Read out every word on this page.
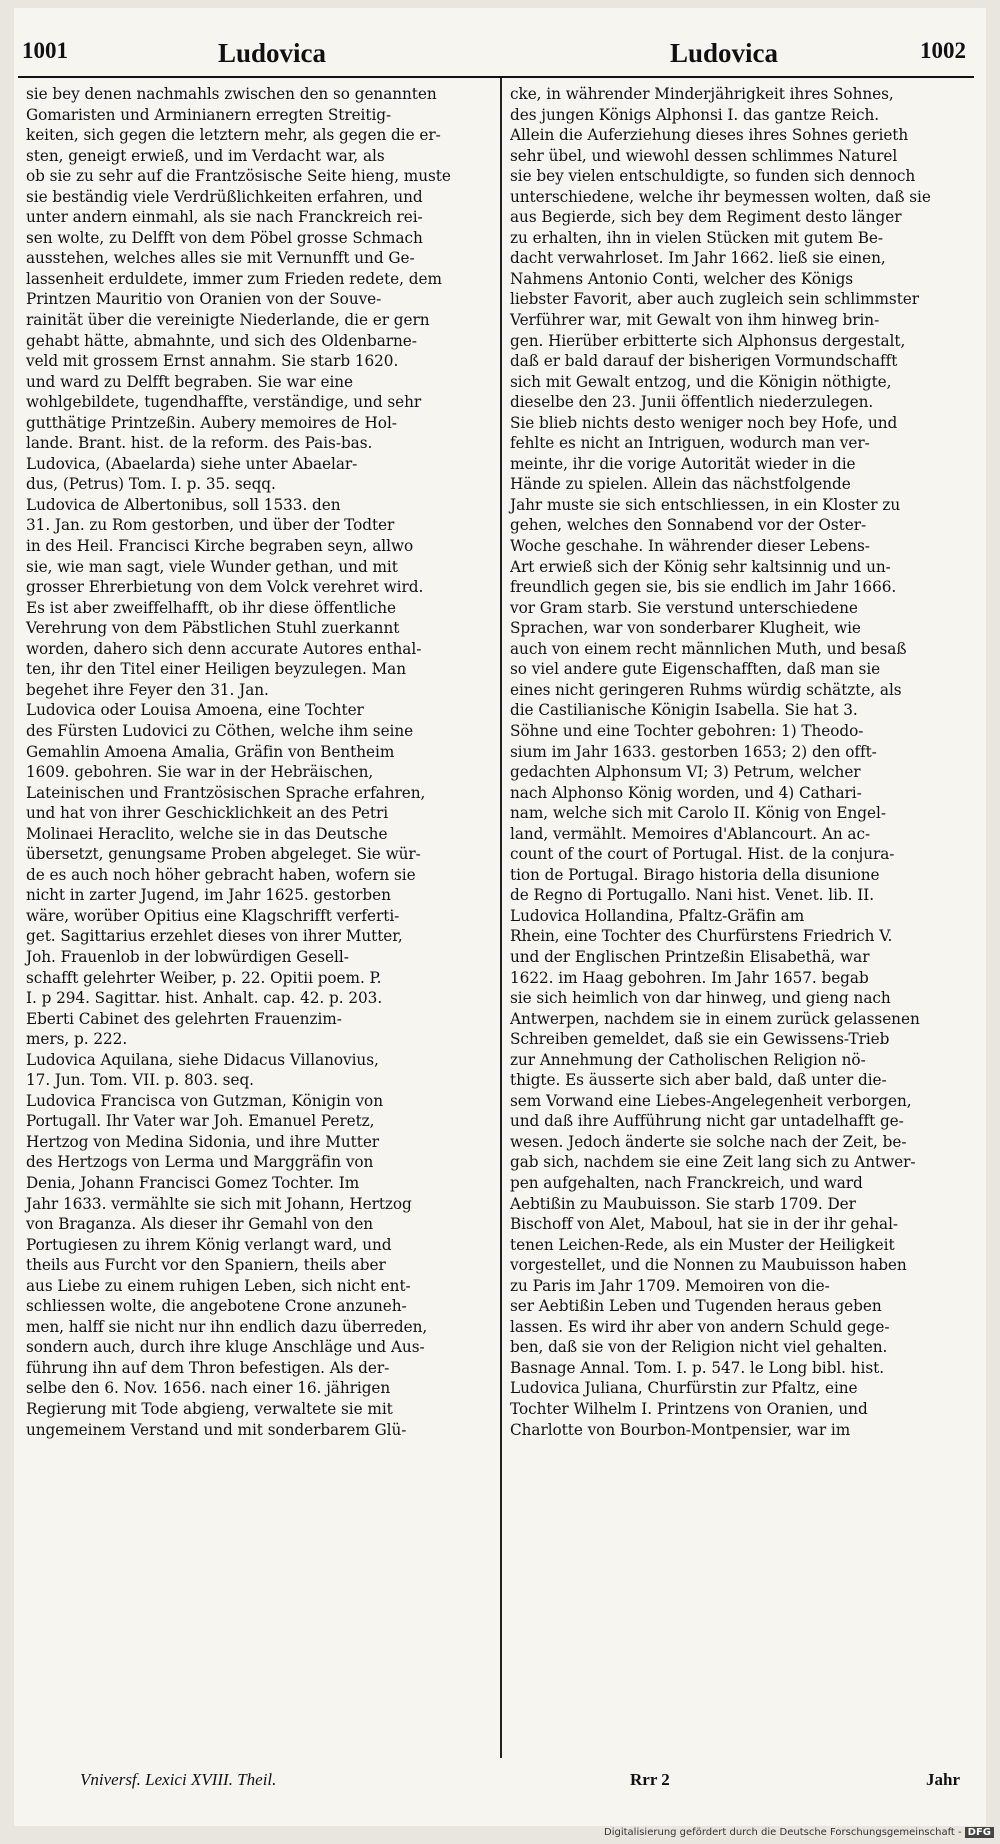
1001	Ludovica	Ludovica	1002
sie bey denen nachmahls zwischen den so genannten
Gomaristen und Arminianern erregten Streitig-
keiten, sich gegen die letztern mehr, als gegen die er-
sten, geneigt erwieß, und im Verdacht war, als
ob sie zu sehr auf die Frantzösische Seite hieng, muste
sie beständig viele Verdrüßlichkeiten erfahren, und
unter andern einmahl, als sie nach Franckreich rei-
sen wolte, zu Delfft von dem Pöbel grosse Schmach
ausstehen, welches alles sie mit Vernunfft und Ge-
lassenheit erduldete, immer zum Frieden redete, dem
Printzen Mauritio von Oranien von der Souve-
rainität über die vereinigte Niederlande, die er gern
gehabt hätte, abmahnte, und sich des Oldenbarne-
veld mit grossem Ernst annahm. Sie starb 1620.
und ward zu Delfft begraben. Sie war eine
wohlgebildete, tugendhaffte, verständige, und sehr
gutthätige Printzeßin. Aubery memoires de Hol-
lande. Brant. hist. de la reform. des Pais-bas.
Ludovica, (Abaelarda) siehe unter Abaelar-
dus, (Petrus) Tom. I. p. 35. seqq.
Ludovica de Albertonibus, soll 1533. den
31. Jan. zu Rom gestorben, und über der Todter
in des Heil. Francisci Kirche begraben seyn, allwo
sie, wie man sagt, viele Wunder gethan, und mit
grosser Ehrerbietung von dem Volck verehret wird.
Es ist aber zweiffelhafft, ob ihr diese öffentliche
Verehrung von dem Päbstlichen Stuhl zuerkannt
worden, dahero sich denn accurate Autores enthal-
ten, ihr den Titel einer Heiligen beyzulegen. Man
begehet ihre Feyer den 31. Jan.
Ludovica oder Louisa Amoena, eine Tochter
des Fürsten Ludovici zu Cöthen, welche ihm seine
Gemahlin Amoena Amalia, Gräfin von Bentheim
1609. gebohren. Sie war in der Hebräischen,
Lateinischen und Frantzösischen Sprache erfahren,
und hat von ihrer Geschicklichkeit an des Petri
Molinaei Heraclito, welche sie in das Deutsche
übersetzt, genungsame Proben abgeleget. Sie wür-
de es auch noch höher gebracht haben, wofern sie
nicht in zarter Jugend, im Jahr 1625. gestorben
wäre, worüber Opitius eine Klagschrifft verferti-
get. Sagittarius erzehlet dieses von ihrer Mutter,
Joh. Frauenlob in der lobwürdigen Gesell-
schafft gelehrter Weiber, p. 22. Opitii poem. P.
I. p 294. Sagittar. hist. Anhalt. cap. 42. p. 203.
Eberti Cabinet des gelehrten Frauenzim-
mers, p. 222.
Ludovica Aquilana, siehe Didacus Villanovius,
17. Jun. Tom. VII. p. 803. seq.
Ludovica Francisca von Gutzman, Königin von
Portugall. Ihr Vater war Joh. Emanuel Peretz,
Hertzog von Medina Sidonia, und ihre Mutter
des Hertzogs von Lerma und Marggräfin von
Denia, Johann Francisci Gomez Tochter. Im
Jahr 1633. vermählte sie sich mit Johann, Hertzog
von Braganza. Als dieser ihr Gemahl von den
Portugiesen zu ihrem König verlangt ward, und
theils aus Furcht vor den Spaniern, theils aber
aus Liebe zu einem ruhigen Leben, sich nicht ent-
schliessen wolte, die angebotene Crone anzuneh-
men, halff sie nicht nur ihn endlich dazu überreden,
sondern auch, durch ihre kluge Anschläge und Aus-
führung ihn auf dem Thron befestigen. Als der-
selbe den 6. Nov. 1656. nach einer 16. jährigen
Regierung mit Tode abgieng, verwaltete sie mit
ungemeinem Verstand und mit sonderbarem Glü-
cke, in währender Minderjährigkeit ihres Sohnes,
des jungen Königs Alphonsi I. das gantze Reich.
Allein die Auferziehung dieses ihres Sohnes gerieth
sehr übel, und wiewohl dessen schlimmes Naturel
sie bey vielen entschuldigte, so funden sich dennoch
unterschiedene, welche ihr beymessen wolten, daß sie
aus Begierde, sich bey dem Regiment desto länger
zu erhalten, ihn in vielen Stücken mit gutem Be-
dacht verwahrloset. Im Jahr 1662. ließ sie einen,
Nahmens Antonio Conti, welcher des Königs
liebster Favorit, aber auch zugleich sein schlimmster
Verführer war, mit Gewalt von ihm hinweg brin-
gen. Hierüber erbitterte sich Alphonsus dergestalt,
daß er bald darauf der bisherigen Vormundschafft
sich mit Gewalt entzog, und die Königin nöthigte,
dieselbe den 23. Junii öffentlich niederzulegen.
Sie blieb nichts desto weniger noch bey Hofe, und
fehlte es nicht an Intriguen, wodurch man ver-
meinte, ihr die vorige Autorität wieder in die
Hände zu spielen. Allein das nächstfolgende
Jahr muste sie sich entschliessen, in ein Kloster zu
gehen, welches den Sonnabend vor der Oster-
Woche geschahe. In währender dieser Lebens-
Art erwieß sich der König sehr kaltsinnig und un-
freundlich gegen sie, bis sie endlich im Jahr 1666.
vor Gram starb. Sie verstund unterschiedene
Sprachen, war von sonderbarer Klugheit, wie
auch von einem recht männlichen Muth, und besaß
so viel andere gute Eigenschafften, daß man sie
eines nicht geringeren Ruhms würdig schätzte, als
die Castilianische Königin Isabella. Sie hat 3.
Söhne und eine Tochter gebohren: 1) Theodo-
sium im Jahr 1633. gestorben 1653; 2) den offt-
gedachten Alphonsum VI; 3) Petrum, welcher
nach Alphonso König worden, und 4) Cathari-
nam, welche sich mit Carolo II. König von Engel-
land, vermählt. Memoires d'Ablancourt. An ac-
count of the court of Portugal. Hist. de la conjura-
tion de Portugal. Birago historia della disunione
de Regno di Portugallo. Nani hist. Venet. lib. II.
Ludovica Hollandina, Pfaltz-Gräfin am
Rhein, eine Tochter des Churfürstens Friedrich V.
und der Englischen Printzeßin Elisabethä, war
1622. im Haag gebohren. Im Jahr 1657. begab
sie sich heimlich von dar hinweg, und gieng nach
Antwerpen, nachdem sie in einem zurück gelassenen
Schreiben gemeldet, daß sie ein Gewissens-Trieb
zur Annehmung der Catholischen Religion nö-
thigte. Es äusserte sich aber bald, daß unter die-
sem Vorwand eine Liebes-Angelegenheit verborgen,
und daß ihre Aufführung nicht gar untadelhafft ge-
wesen. Jedoch änderte sie solche nach der Zeit, be-
gab sich, nachdem sie eine Zeit lang sich zu Antwer-
pen aufgehalten, nach Franckreich, und ward
Aebtißin zu Maubuisson. Sie starb 1709. Der
Bischoff von Alet, Maboul, hat sie in der ihr gehal-
tenen Leichen-Rede, als ein Muster der Heiligkeit
vorgestellet, und die Nonnen zu Maubuisson haben
zu Paris im Jahr 1709. Memoiren von die-
ser Aebtißin Leben und Tugenden heraus geben
lassen. Es wird ihr aber von andern Schuld gege-
ben, daß sie von der Religion nicht viel gehalten.
Basnage Annal. Tom. I. p. 547. le Long bibl. hist.
Ludovica Juliana, Churfürstin zur Pfaltz, eine
Tochter Wilhelm I. Printzens von Oranien, und
Charlotte von Bourbon-Montpensier, war im
Vniversf. Lexici XVIII. Theil.	Rrr 2	Jahr
Digitalisierung gefördert durch die Deutsche Forschungsgemeinschaft - DFG
